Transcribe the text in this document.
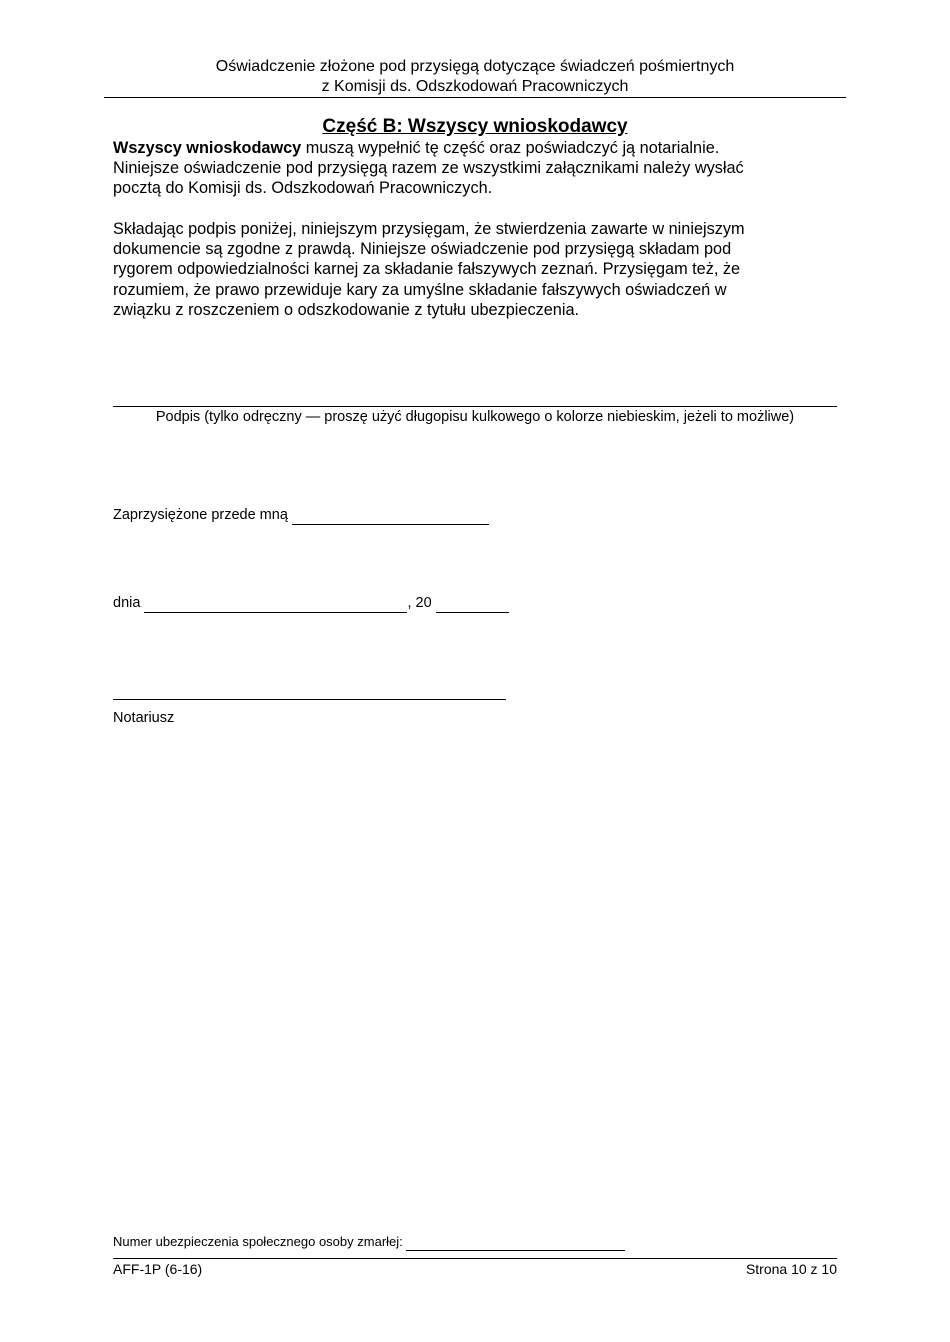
Oświadczenie złożone pod przysięgą dotyczące świadczeń pośmiertnych
z Komisji ds. Odszkodowań Pracowniczych
Część B: Wszyscy wnioskodawcy
Wszyscy wnioskodawcy muszą wypełnić tę część oraz poświadczyć ją notarialnie.
Niniejsze oświadczenie pod przysięgą razem ze wszystkimi załącznikami należy wysłać
pocztą do Komisji ds. Odszkodowań Pracowniczych.
Składając podpis poniżej, niniejszym przysięgam, że stwierdzenia zawarte w niniejszym
dokumencie są zgodne z prawdą. Niniejsze oświadczenie pod przysięgą składam pod
rygorem odpowiedzialności karnej za składanie fałszywych zeznań. Przysięgam też, że
rozumiem, że prawo przewiduje kary za umyślne składanie fałszywych oświadczeń w
związku z roszczeniem o odszkodowanie z tytułu ubezpieczenia.
Podpis (tylko odręczny — proszę użyć długopisu kulkowego o kolorze niebieskim, jeżeli to możliwe)
Zaprzysiężone przede mną
dnia	, 20
Notariusz
Numer ubezpieczenia społecznego osoby zmarłej:
AFF-1P (6-16)	Strona 10 z 10
